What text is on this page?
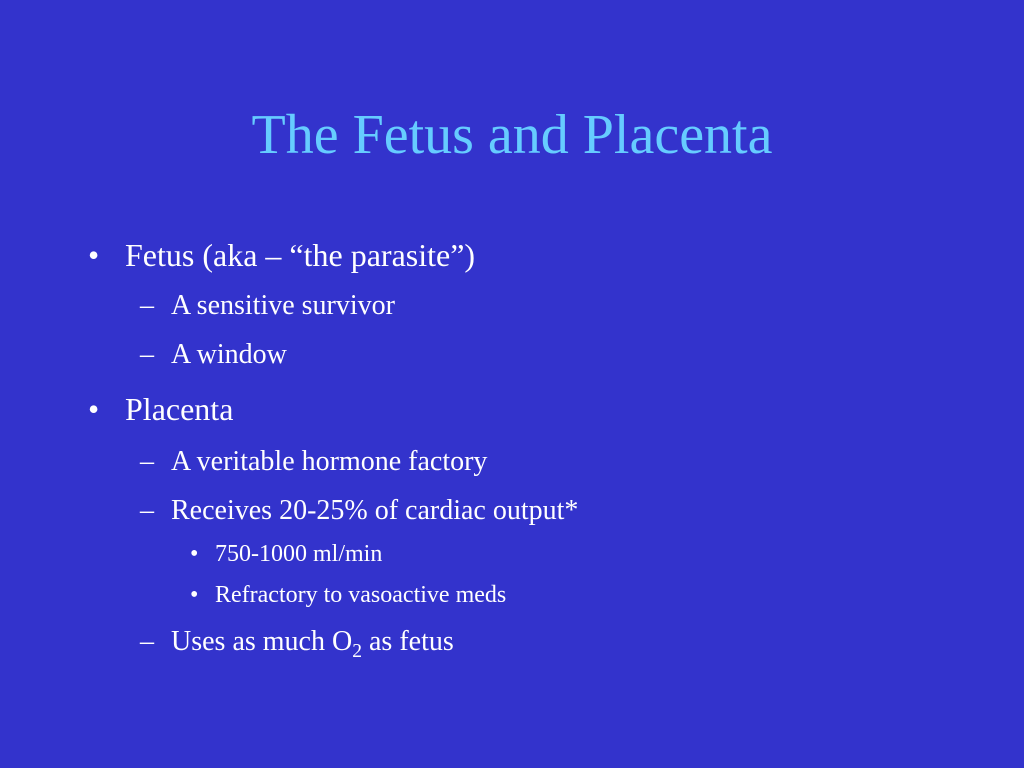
The Fetus and Placenta
• Fetus (aka – “the parasite”)
– A sensitive survivor
– A window
• Placenta
– A veritable hormone factory
– Receives 20-25% of cardiac output*
• 750-1000 ml/min
• Refractory to vasoactive meds
– Uses as much $O_2$ as fetus
